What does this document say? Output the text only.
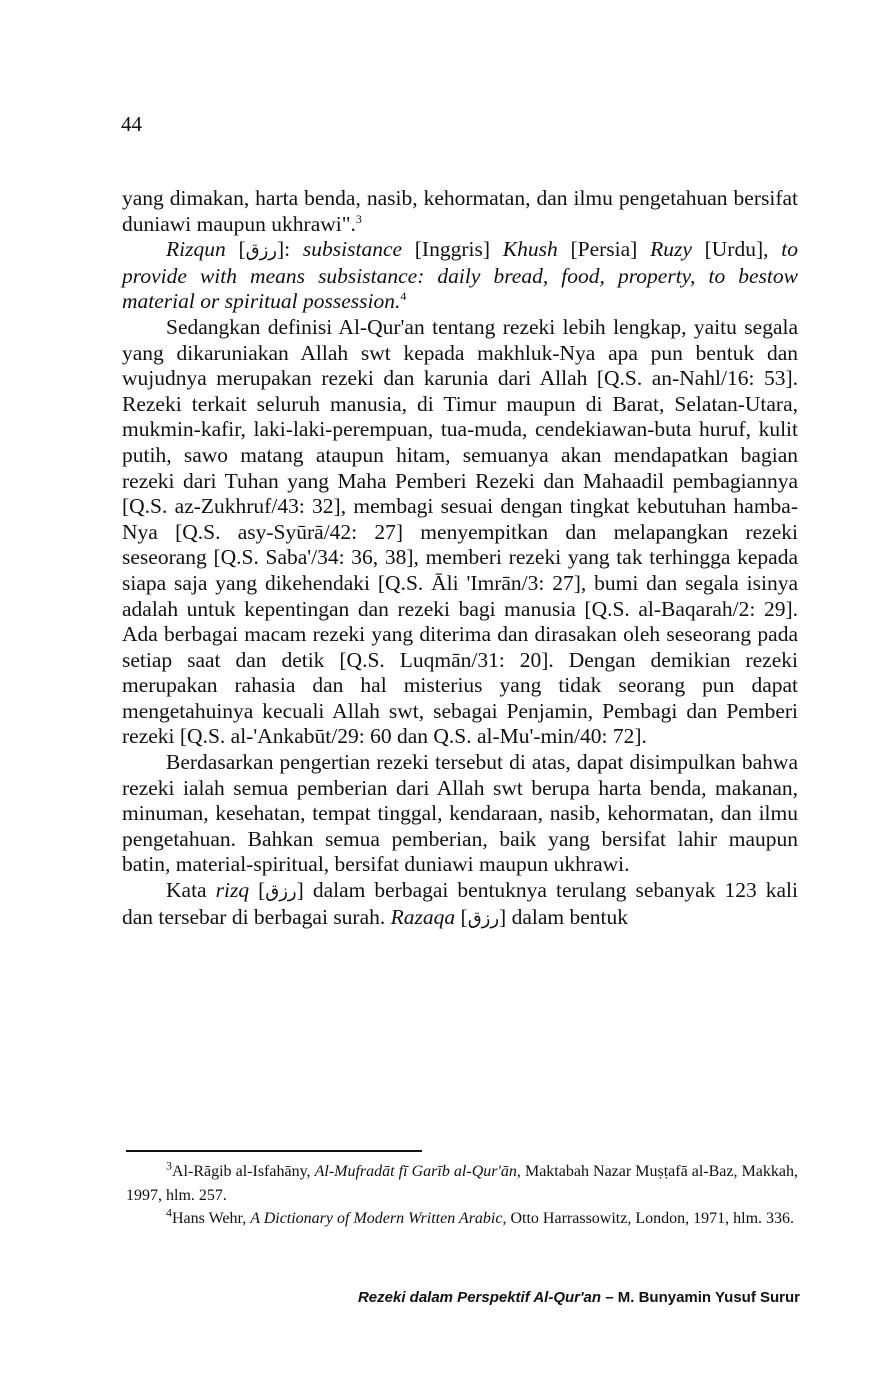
44

yang dimakan, harta benda, nasib, kehormatan, dan ilmu pengetahuan bersifat duniawi maupun ukhrawi".$^3$

Rizqun [رزق]: subsistance [Inggris] Khush [Persia] Ruzy [Urdu], to provide with means subsistance: daily bread, food, property, to bestow material or spiritual possession.$^4$

Sedangkan definisi Al-Qur'an tentang rezeki lebih lengkap, yaitu segala yang dikaruniakan Allah swt kepada makhluk-Nya apa pun bentuk dan wujudnya merupakan rezeki dan karunia dari Allah [Q.S. an-Nahl/16: 53]. Rezeki terkait seluruh manusia, di Timur maupun di Barat, Selatan-Utara, mukmin-kafir, laki-laki-perempuan, tua-muda, cendekiawan-buta huruf, kulit putih, sawo matang ataupun hitam, semuanya akan mendapatkan bagian rezeki dari Tuhan yang Maha Pemberi Rezeki dan Mahaadil pembagiannya [Q.S. az-Zukhruf/43: 32], membagi sesuai dengan tingkat kebutuhan hamba-Nya [Q.S. asy-Syūrā/42: 27] menyempitkan dan melapangkan rezeki seseorang [Q.S. Saba'/34: 36, 38], memberi rezeki yang tak terhingga kepada siapa saja yang dikehendaki [Q.S. Āli 'Imrān/3: 27], bumi dan segala isinya adalah untuk kepentingan dan rezeki bagi manusia [Q.S. al-Baqarah/2: 29]. Ada berbagai macam rezeki yang diterima dan dirasakan oleh seseorang pada setiap saat dan detik [Q.S. Luqmān/31: 20]. Dengan demikian rezeki merupakan rahasia dan hal misterius yang tidak seorang pun dapat mengetahuinya kecuali Allah swt, sebagai Penjamin, Pembagi dan Pemberi rezeki [Q.S. al-'Ankabūt/29: 60 dan Q.S. al-Mu'-min/40: 72].

Berdasarkan pengertian rezeki tersebut di atas, dapat disimpulkan bahwa rezeki ialah semua pemberian dari Allah swt berupa harta benda, makanan, minuman, kesehatan, tempat tinggal, kendaraan, nasib, kehormatan, dan ilmu pengetahuan. Bahkan semua pemberian, baik yang bersifat lahir maupun batin, material-spiritual, bersifat duniawi maupun ukhrawi.

Kata rizq [رزق] dalam berbagai bentuknya terulang sebanyak 123 kali dan tersebar di berbagai surah. Razaqa [رزق] dalam bentuk

$^3$Al-Rāgib al-Isfahāny, Al-Mufradāt fī Garīb al-Qur'ān, Maktabah Nazar Muṣṭafā al-Baz, Makkah, 1997, hlm. 257.

$^4$Hans Wehr, A Dictionary of Modern Written Arabic, Otto Harrassowitz, London, 1971, hlm. 336.

Rezeki dalam Perspektif Al-Qur'an – M. Bunyamin Yusuf Surur
